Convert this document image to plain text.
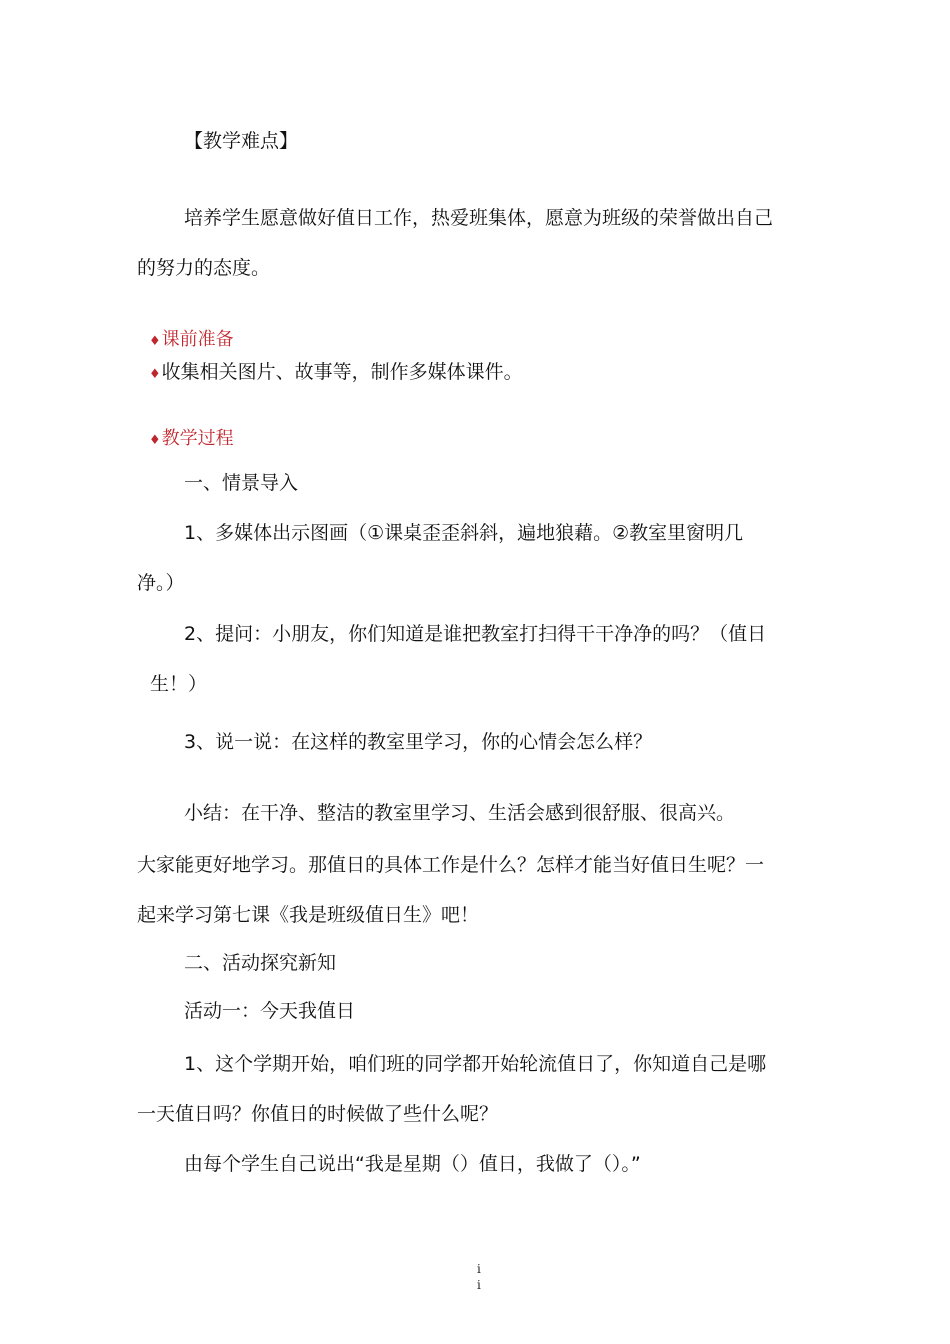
【教学难点】
培养学生愿意做好值日工作，热爱班集体，愿意为班级的荣誉做出自己
的努力的态度。
♦课前准备
♦收集相关图片、故事等，制作多媒体课件。
♦教学过程
一、情景导入
1、多媒体出示图画（①课桌歪歪斜斜，遍地狼藉。②教室里窗明几
净。）
2、提问：小朋友，你们知道是谁把教室打扫得干干净净的吗？（值日
生！）
3、说一说：在这样的教室里学习，你的心情会怎么样？
小结：在干净、整洁的教室里学习、生活会感到很舒服、很高兴。
大家能更好地学习。那值日的具体工作是什么？怎样才能当好值日生呢？一
起来学习第七课《我是班级值日生》吧！
二、活动探究新知
活动一：今天我值日
1、这个学期开始，咱们班的同学都开始轮流值日了，你知道自己是哪
一天值日吗？你值日的时候做了些什么呢？
由每个学生自己说出“我是星期（）值日，我做了（）。”
i
i
